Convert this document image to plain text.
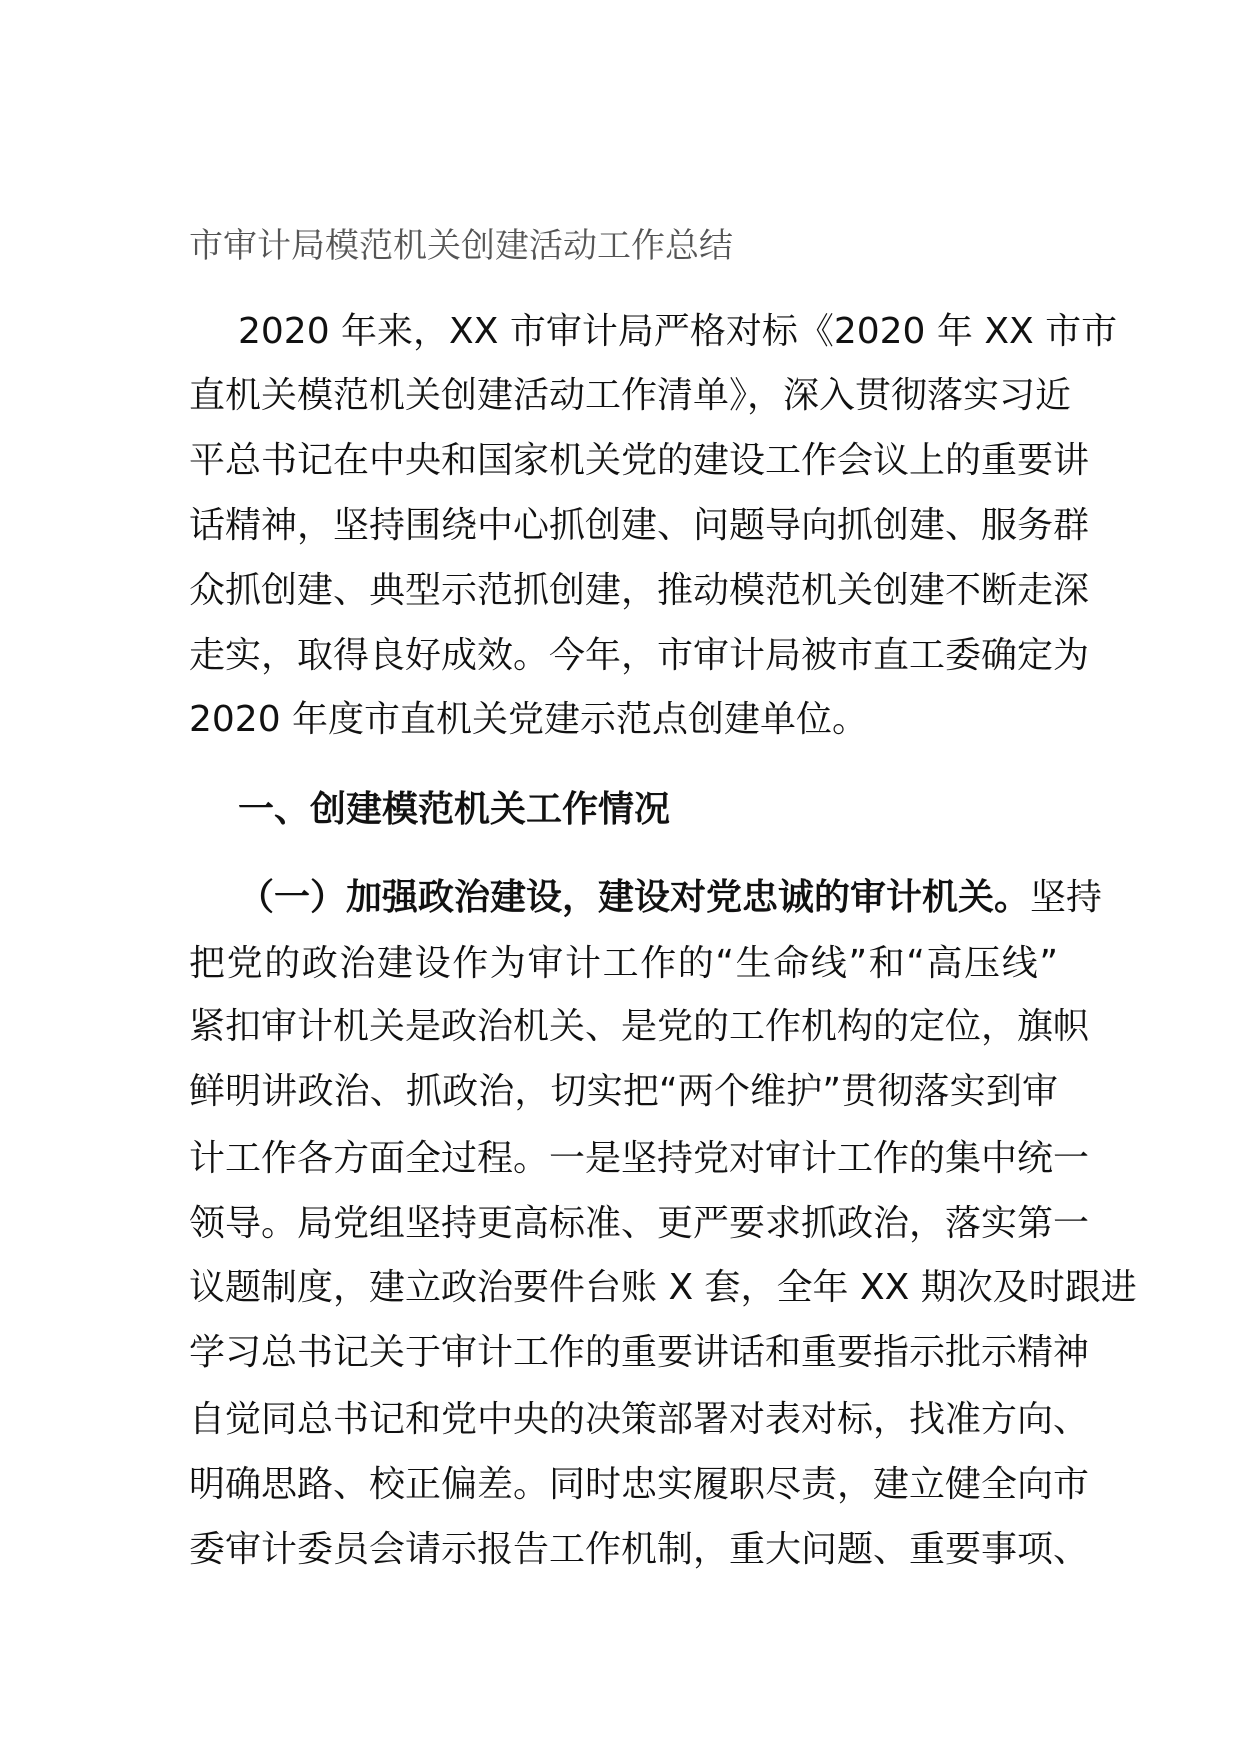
市审计局模范机关创建活动工作总结
2020 年来，XX 市审计局严格对标《2020 年 XX 市市
直机关模范机关创建活动工作清单》，深入贯彻落实习近
平总书记在中央和国家机关党的建设工作会议上的重要讲
话精神，坚持围绕中心抓创建、问题导向抓创建、服务群
众抓创建、典型示范抓创建，推动模范机关创建不断走深
走实，取得良好成效。今年，市审计局被市直工委确定为
2020 年度市直机关党建示范点创建单位。
一、创建模范机关工作情况
（一）加强政治建设，建设对党忠诚的审计机关。坚持
把党的政治建设作为审计工作的“生命线”和“高压线”
紧扣审计机关是政治机关、是党的工作机构的定位，旗帜
鲜明讲政治、抓政治，切实把“两个维护”贯彻落实到审
计工作各方面全过程。一是坚持党对审计工作的集中统一
领导。局党组坚持更高标准、更严要求抓政治，落实第一
议题制度，建立政治要件台账 X 套，全年 XX 期次及时跟进
学习总书记关于审计工作的重要讲话和重要指示批示精神
自觉同总书记和党中央的决策部署对表对标，找准方向、
明确思路、校正偏差。同时忠实履职尽责，建立健全向市
委审计委员会请示报告工作机制，重大问题、重要事项、
